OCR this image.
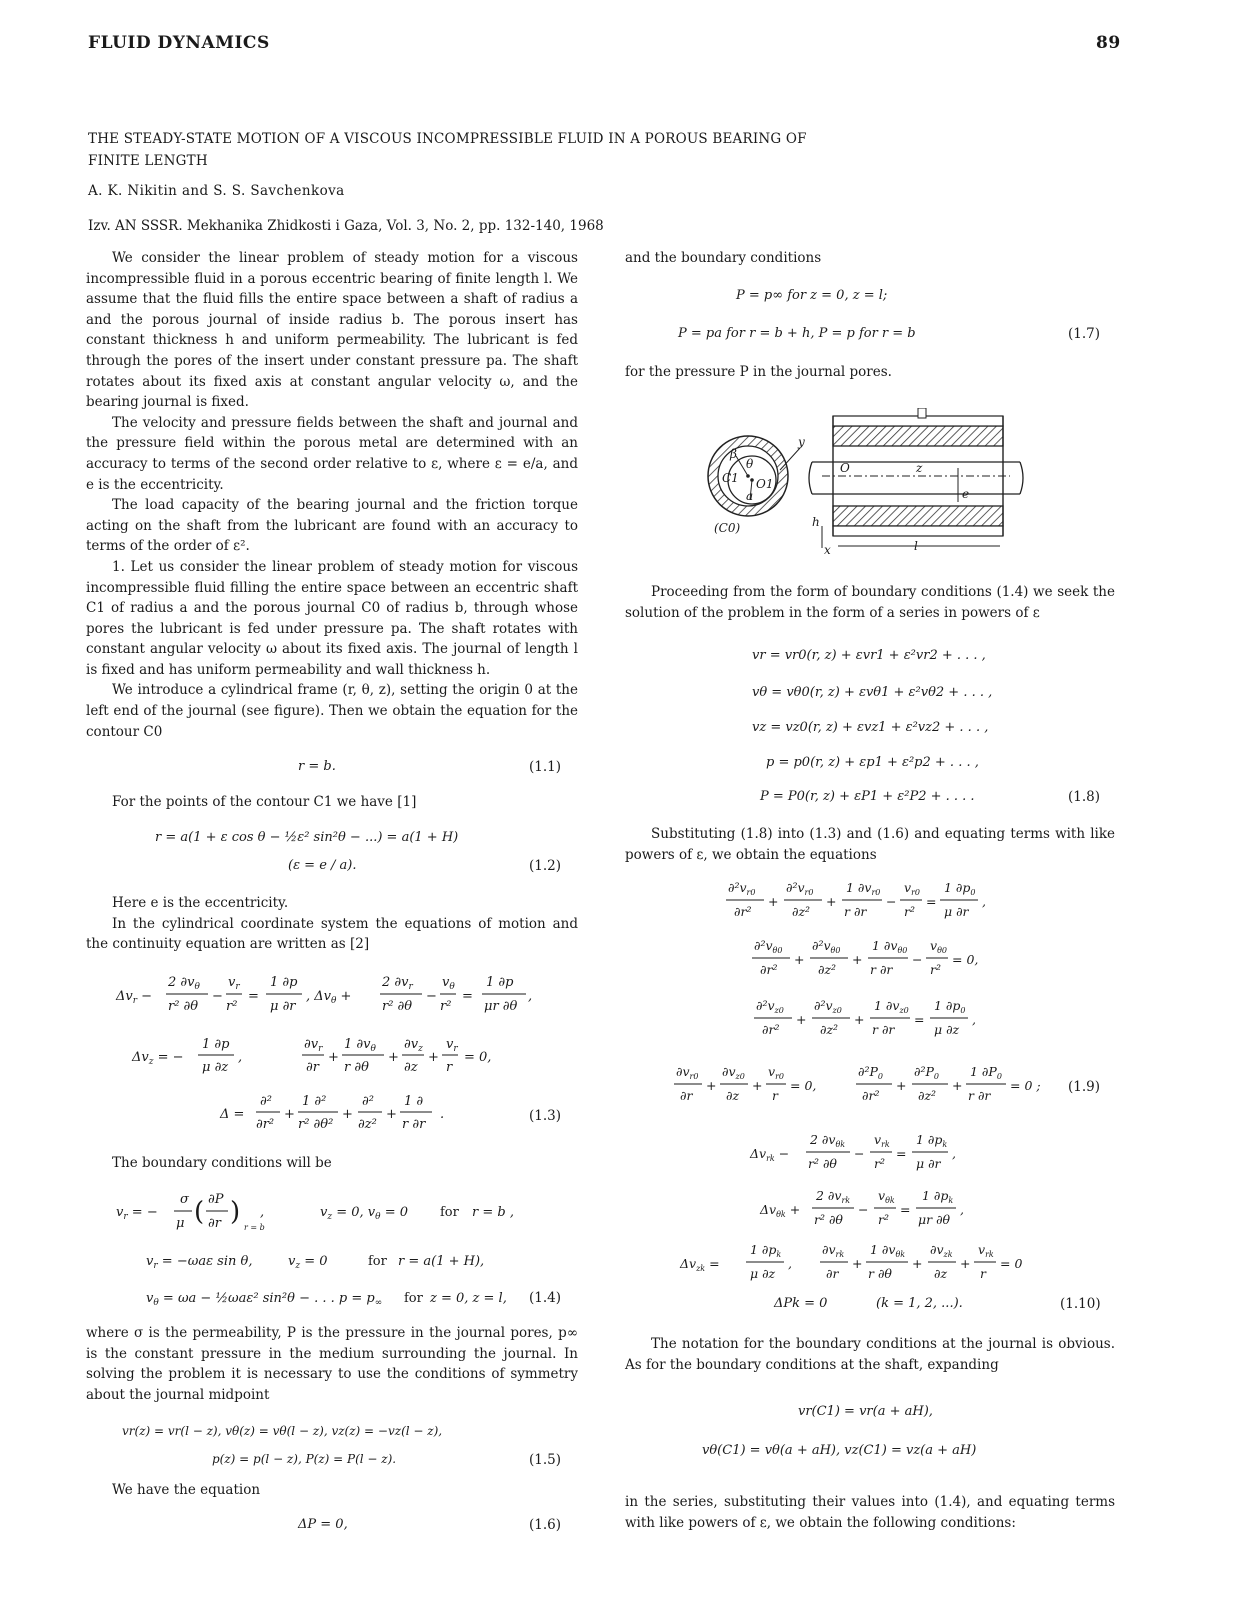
FLUID DYNAMICS	89
THE STEADY-STATE MOTION OF A VISCOUS INCOMPRESSIBLE FLUID IN A POROUS BEARING OF FINITE LENGTH
A. K. Nikitin and S. S. Savchenkova
Izv. AN SSSR. Mekhanika Zhidkosti i Gaza, Vol. 3, No. 2, pp. 132-140, 1968

We consider the linear problem of steady motion for a viscous incompressible fluid in a porous eccentric bearing of finite length l. We assume that the fluid fills the entire space between a shaft of radius a and the porous journal of inside radius b. The porous insert has constant thickness h and uniform permeability. The lubricant is fed through the pores of the insert under constant pressure pa. The shaft rotates about its fixed axis at constant angular velocity ω, and the bearing journal is fixed.

The velocity and pressure fields between the shaft and journal and the pressure field within the porous metal are determined with an accuracy to terms of the second order relative to ε, where ε = e/a, and e is the eccentricity.

The load capacity of the bearing journal and the friction torque acting on the shaft from the lubricant are found with an accuracy to terms of the order of ε².

1. Let us consider the linear problem of steady motion for viscous incompressible fluid filling the entire space between an eccentric shaft C1 of radius a and the porous journal C0 of radius b, through whose pores the lubricant is fed under pressure pa. The shaft rotates with constant angular velocity ω about its fixed axis. The journal of length l is fixed and has uniform permeability and wall thickness h.

We introduce a cylindrical frame (r, θ, z), setting the origin 0 at the left end of the journal (see figure). Then we obtain the equation for the contour C0

r = b.	(1.1)
For the points of the contour C1 we have [1]
r = a(1 + ε cos θ − ½ε² sin²θ − ...) = a(1 + H)
(ε = e / a).	(1.2)

Here e is the eccentricity.

In the cylindrical coordinate system the equations of motion and the continuity equation are written as [2]

$\Delta v_r$ −
2 $\partial v_\theta$
r² ∂θ
−
$v_r$
r²
=
1 ∂p
μ ∂r
, $\Delta v_\theta$ +
2 $\partial v_r$
r² ∂θ
−
$v_\theta$
r²
=
1 ∂p
μr ∂θ
,
$\Delta v_z$ = −
1 ∂p
μ ∂z
,
$\partial v_r$
∂r
+
1 $\partial v_\theta$
r ∂θ
+
$\partial v_z$
∂z
+
$v_r$
r
= 0,
Δ =
∂²
∂r²
+
1 ∂²
r² ∂θ²
+
∂²
∂z²
+
1 ∂
r ∂r
.	(1.3)
The boundary conditions will be
$v_r$ = −
σ
μ ( ∂P
∂r )
r = b
,	$v_z = 0$, $v_\theta = 0$ for r = b ,
$v_r = -\omega a\varepsilon$ sin θ,	$v_z = 0$	for r = a(1 + H),
$v_\theta = \omega a$ − ½ωaε² sin²θ − . . . $p = p_\infty$ for z = 0, z = l, (1.4)

where σ is the permeability, P is the pressure in the journal pores, p∞ is the constant pressure in the medium surrounding the journal. In solving the problem it is necessary to use the conditions of symmetry about the journal midpoint

vr(z) = vr(l − z), vθ(z) = vθ(l − z), vz(z) = −vz(l − z),
p(z) = p(l − z), P(z) = P(l − z).	(1.5)
We have the equation
ΔP = 0,	(1.6)
and the boundary conditions
P = p∞ for z = 0, z = l;
P = pa for r = b + h, P = p for r = b	(1.7)
for the pressure P in the journal pores.
y
β
C1
θ
O1
a
(C0)	h
x
O	z
e
l

Proceeding from the form of boundary conditions (1.4) we seek the solution of the problem in the form of a series in powers of ε

vr = vr0(r, z) + εvr1 + ε²vr2 + . . . ,
vθ = vθ0(r, z) + εvθ1 + ε²vθ2 + . . . ,
vz = vz0(r, z) + εvz1 + ε²vz2 + . . . ,
p = p0(r, z) + εp1 + ε²p2 + . . . ,
P = P0(r, z) + εP1 + ε²P2 + . . . .	(1.8)

Substituting (1.8) into (1.3) and (1.6) and equating terms with like powers of ε, we obtain the equations

$\partial^2v_{r0}$
∂r²
+
$\partial^2v_{r0}$
∂z²
+
1 $\partial v_{r0}$
r ∂r
−
$v_{r0}$
r²
=
1 $\partial p_0$
μ ∂r
,
$\partial^2v_{\theta 0}$
∂r²
+
$\partial^2v_{\theta 0}$
∂z²
+
1 $\partial v_{\theta 0}$
r ∂r
−
$v_{\theta 0}$
r²
= 0,
$\partial^2v_{z0}$
∂r²
+
$\partial^2v_{z0}$
∂z²
+
1 $\partial v_{z0}$
r ∂r
=
1 $\partial p_0$
μ ∂z
,
$\partial v_{r0}$
∂r
+
$\partial v_{z0}$
∂z
+
$v_{r0}$
r
= 0,
$\partial^2P_0$
∂r²
+
$\partial^2P_0$
∂z²
+
1 $\partial P_0$
r ∂r
= 0 ; (1.9)
$\Delta v_{rk}$ −
2 $\partial v_{\theta k}$
r² ∂θ
−
$v_{rk}$
r²
=
1 $\partial p_k$
μ ∂r
,
$\Delta v_{\theta k}$ +
2 $\partial v_{rk}$
r² ∂θ
−
$v_{\theta k}$
r²
=
1 $\partial p_k$
μr ∂θ
,
$\Delta v_{zk}$ =
1 $\partial p_k$
μ ∂z
,
$\partial v_{rk}$
∂r
+
1 $\partial v_{\theta k}$
r ∂θ
+
$\partial v_{zk}$
∂z
+
$v_{rk}$
r
= 0
ΔPk = 0	(k = 1, 2, ...).	(1.10)

The notation for the boundary conditions at the journal is obvious. As for the boundary conditions at the shaft, expanding

vr(C1) = vr(a + aH),
vθ(C1) = vθ(a + aH), vz(C1) = vz(a + aH)

in the series, substituting their values into (1.4), and equating terms with like powers of ε, we obtain the following conditions:
